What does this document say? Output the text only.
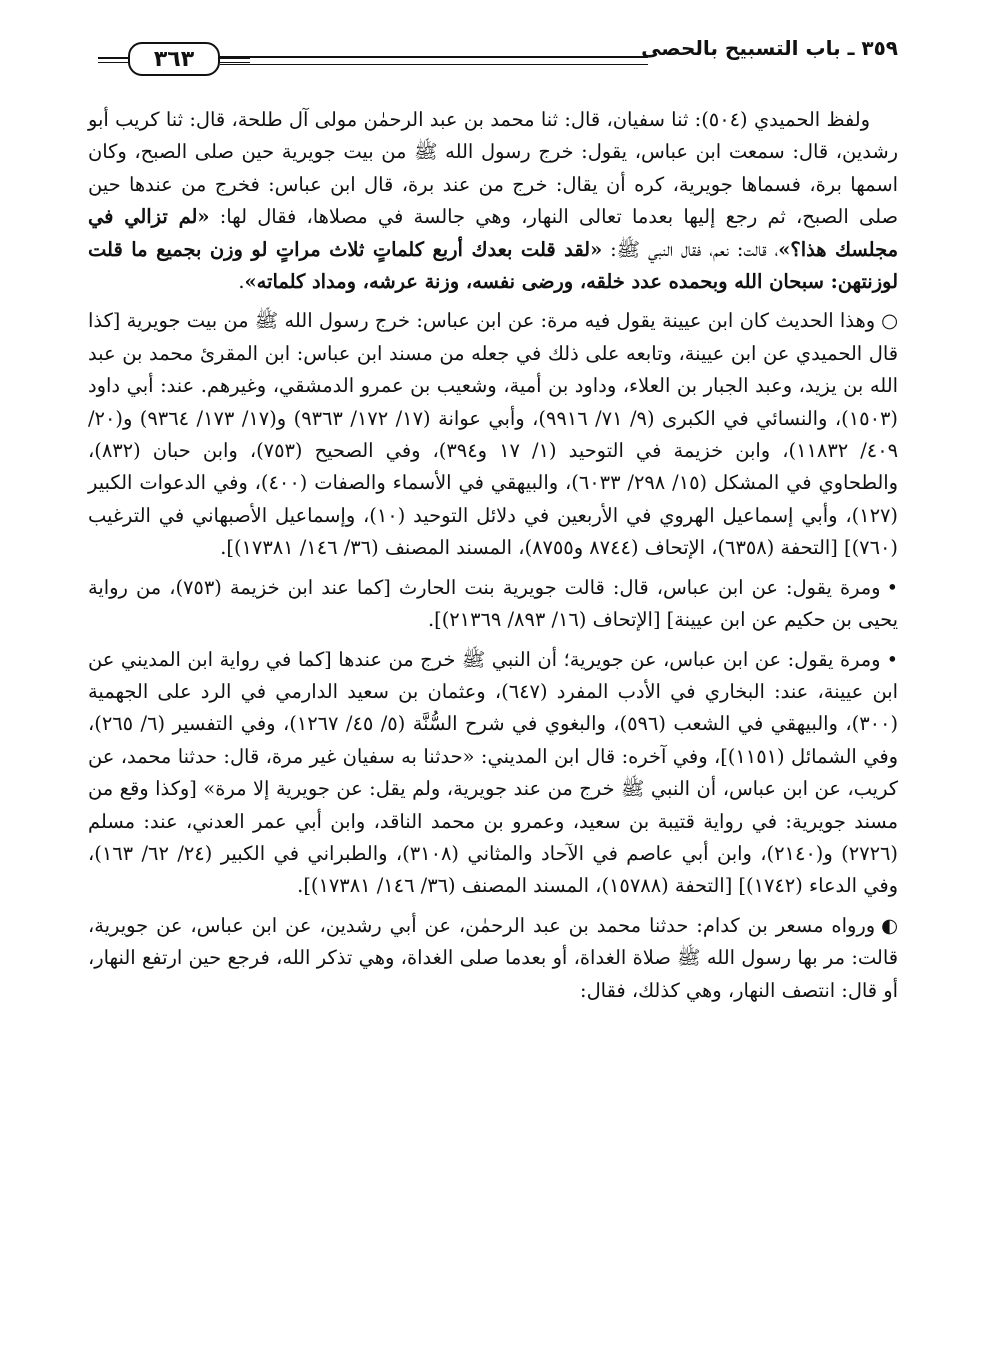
٣٥٩ ـ باب التسبيح بالحصى
٣٦٣

ولفظ الحميدي (٥٠٤): ثنا سفيان، قال: ثنا محمد بن عبد الرحمٰن مولى آل طلحة، قال: ثنا كريب أبو رشدين، قال: سمعت ابن عباس، يقول: خرج رسول الله ﷺ من بيت جويرية حين صلى الصبح، وكان اسمها برة، فسماها جويرية، كره أن يقال: خرج من عند برة، قال ابن عباس: فخرج من عندها حين صلى الصبح، ثم رجع إليها بعدما تعالى النهار، وهي جالسة في مصلاها، فقال لها: «لم تزالي في مجلسك هذا؟»، قالت: نعم، فقال النبي ﷺ: «لقد قلت بعدك أربع كلماتٍ ثلاث مراتٍ لو وزن بجميع ما قلت لوزنتهن: سبحان الله وبحمده عدد خلقه، ورضى نفسه، وزنة عرشه، ومداد كلماته».

○وهذا الحديث كان ابن عيينة يقول فيه مرة: عن ابن عباس: خرج رسول الله ﷺ من بيت جويرية [كذا قال الحميدي عن ابن عيينة، وتابعه على ذلك في جعله من مسند ابن عباس: ابن المقرئ محمد بن عبد الله بن يزيد، وعبد الجبار بن العلاء، وداود بن أمية، وشعيب بن عمرو الدمشقي، وغيرهم. عند: أبي داود (١٥٠٣)، والنسائي في الكبرى (٩/ ٧١/ ٩٩١٦)، وأبي عوانة (١٧/ ١٧٢/ ٩٣٦٣) و(١٧/ ١٧٣/ ٩٣٦٤) و(٢٠/ ٤٠٩/ ١١٨٣٢)، وابن خزيمة في التوحيد (١/ ١٧ و٣٩٤)، وفي الصحيح (٧٥٣)، وابن حبان (٨٣٢)، والطحاوي في المشكل (١٥/ ٢٩٨/ ٦٠٣٣)، والبيهقي في الأسماء والصفات (٤٠٠)، وفي الدعوات الكبير (١٢٧)، وأبي إسماعيل الهروي في الأربعين في دلائل التوحيد (١٠)، وإسماعيل الأصبهاني في الترغيب (٧٦٠)] [التحفة (٦٣٥٨)، الإتحاف (٨٧٤٤ و٨٧٥٥)، المسند المصنف (٣٦/ ١٤٦/ ١٧٣٨١)].

•ومرة يقول: عن ابن عباس، قال: قالت جويرية بنت الحارث [كما عند ابن خزيمة (٧٥٣)، من رواية يحيى بن حكيم عن ابن عيينة] [الإتحاف (١٦/ ٨٩٣/ ٢١٣٦٩)].

•ومرة يقول: عن ابن عباس، عن جويرية؛ أن النبي ﷺ خرج من عندها [كما في رواية ابن المديني عن ابن عيينة، عند: البخاري في الأدب المفرد (٦٤٧)، وعثمان بن سعيد الدارمي في الرد على الجهمية (٣٠٠)، والبيهقي في الشعب (٥٩٦)، والبغوي في شرح السُّنَّة (٥/ ٤٥/ ١٢٦٧)، وفي التفسير (٦/ ٢٦٥)، وفي الشمائل (١١٥١)]، وفي آخره: قال ابن المديني: «حدثنا به سفيان غير مرة، قال: حدثنا محمد، عن كريب، عن ابن عباس، أن النبي ﷺ خرج من عند جويرية، ولم يقل: عن جويرية إلا مرة» [وكذا وقع من مسند جويرية: في رواية قتيبة بن سعيد، وعمرو بن محمد الناقد، وابن أبي عمر العدني، عند: مسلم (٢٧٢٦) و(٢١٤٠)، وابن أبي عاصم في الآحاد والمثاني (٣١٠٨)، والطبراني في الكبير (٢٤/ ٦٢/ ١٦٣)، وفي الدعاء (١٧٤٢)] [التحفة (١٥٧٨٨)، المسند المصنف (٣٦/ ١٤٦/ ١٧٣٨١)].

◐ورواه مسعر بن كدام: حدثنا محمد بن عبد الرحمٰن، عن أبي رشدين، عن ابن عباس، عن جويرية، قالت: مر بها رسول الله ﷺ صلاة الغداة، أو بعدما صلى الغداة، وهي تذكر الله، فرجع حين ارتفع النهار، أو قال: انتصف النهار، وهي كذلك، فقال:
